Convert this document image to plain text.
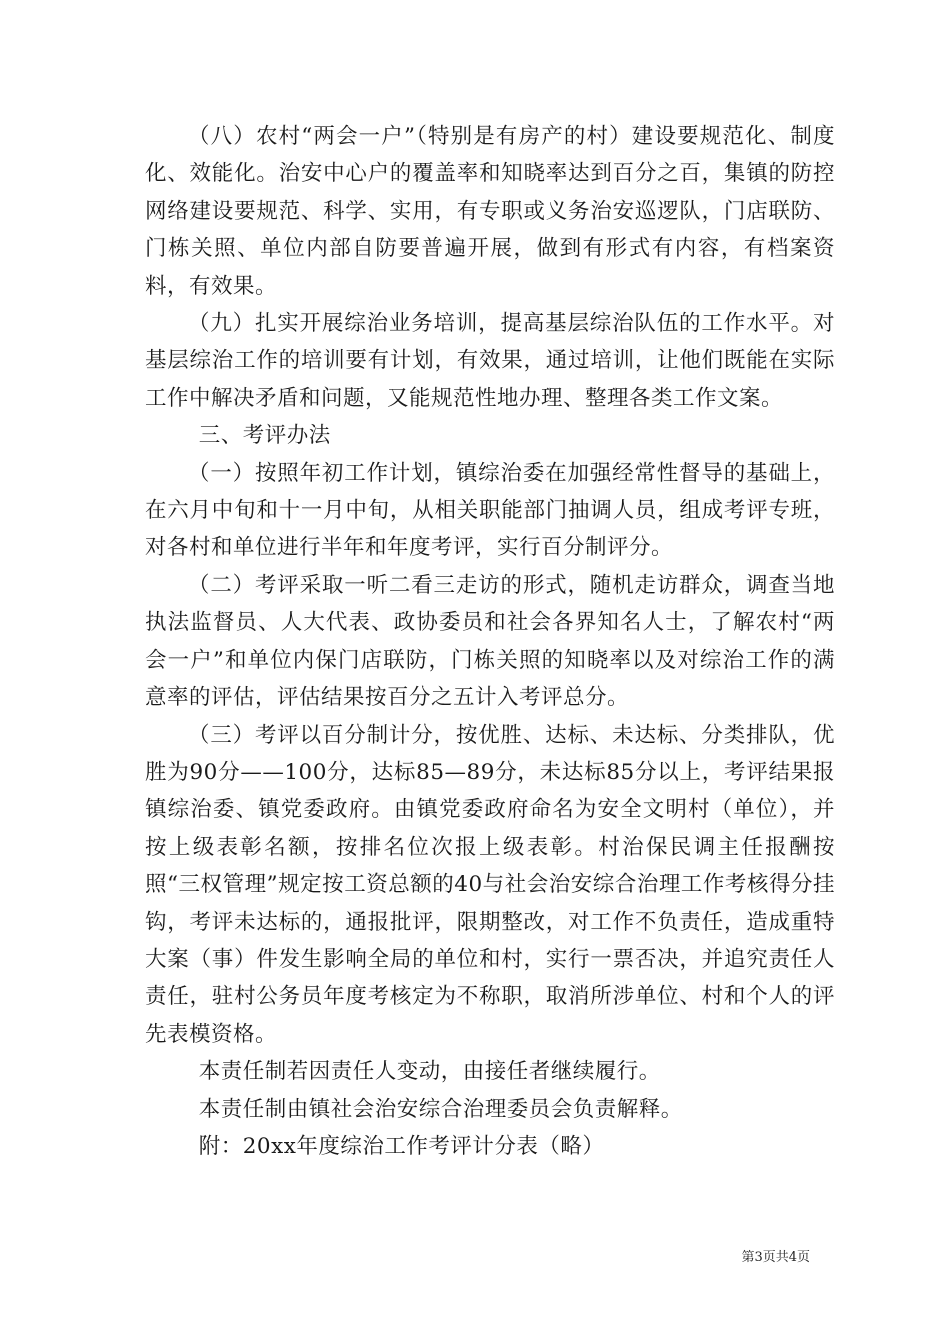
（八）农村“两会一户”（特别是有房产的村）建设要规范化、制度化、效能化。治安中心户的覆盖率和知晓率达到百分之百，集镇的防控网络建设要规范、科学、实用，有专职或义务治安巡逻队，门店联防、门栋关照、单位内部自防要普遍开展，做到有形式有内容，有档案资料，有效果。

（九）扎实开展综治业务培训，提高基层综治队伍的工作水平。对基层综治工作的培训要有计划，有效果，通过培训，让他们既能在实际工作中解决矛盾和问题，又能规范性地办理、整理各类工作文案。

三、考评办法

（一）按照年初工作计划，镇综治委在加强经常性督导的基础上，在六月中旬和十一月中旬，从相关职能部门抽调人员，组成考评专班，对各村和单位进行半年和年度考评，实行百分制评分。

（二）考评采取一听二看三走访的形式，随机走访群众，调查当地执法监督员、人大代表、政协委员和社会各界知名人士，了解农村“两会一户”和单位内保门店联防，门栋关照的知晓率以及对综治工作的满意率的评估，评估结果按百分之五计入考评总分。

（三）考评以百分制计分，按优胜、达标、未达标、分类排队，优胜为90分——100分，达标85—89分，未达标85分以上，考评结果报镇综治委、镇党委政府。由镇党委政府命名为安全文明村（单位），并按上级表彰名额，按排名位次报上级表彰。村治保民调主任报酬按照“三权管理”规定按工资总额的40与社会治安综合治理工作考核得分挂钩，考评未达标的，通报批评，限期整改，对工作不负责任，造成重特大案（事）件发生影响全局的单位和村，实行一票否决，并追究责任人责任，驻村公务员年度考核定为不称职，取消所涉单位、村和个人的评先表模资格。

本责任制若因责任人变动，由接任者继续履行。

本责任制由镇社会治安综合治理委员会负责解释。

附：20xx年度综治工作考评计分表（略）

第3页共4页
